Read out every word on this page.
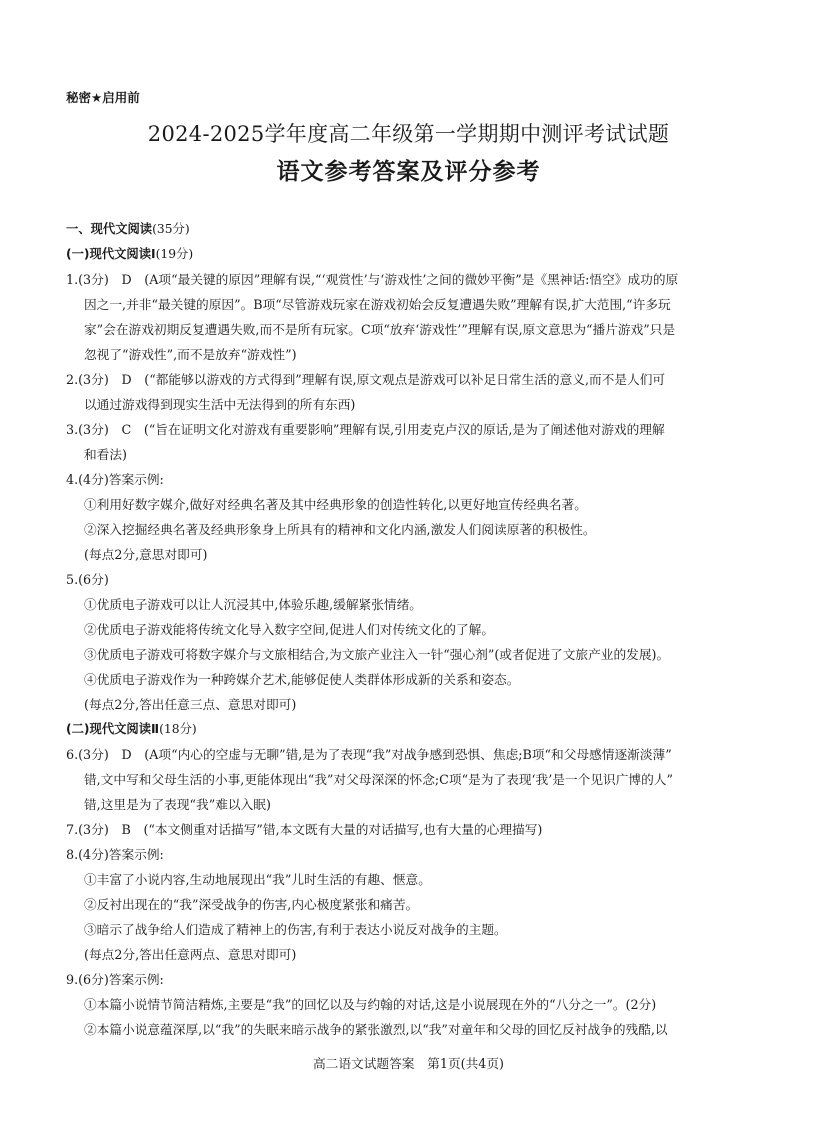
秘密★启用前
2024-2025学年度高二年级第一学期期中测评考试试题
语文参考答案及评分参考
一、现代文阅读(35分)
(一)现代文阅读Ⅰ(19分)
1.(3分)　D　(A项“最关键的原因”理解有误,“‘观赏性’与‘游戏性’之间的微妙平衡”是《黑神话:悟空》成功的原
因之一,并非“最关键的原因”。B项“尽管游戏玩家在游戏初始会反复遭遇失败”理解有误,扩大范围,“许多玩
家”会在游戏初期反复遭遇失败,而不是所有玩家。C项“放弃‘游戏性’”理解有误,原文意思为“播片游戏”只是
忽视了“游戏性”,而不是放弃“游戏性”)
2.(3分)　D　(“都能够以游戏的方式得到”理解有误,原文观点是游戏可以补足日常生活的意义,而不是人们可
以通过游戏得到现实生活中无法得到的所有东西)
3.(3分)　C　(“旨在证明文化对游戏有重要影响”理解有误,引用麦克卢汉的原话,是为了阐述他对游戏的理解
和看法)
4.(4分)答案示例:
①利用好数字媒介,做好对经典名著及其中经典形象的创造性转化,以更好地宣传经典名著。
②深入挖掘经典名著及经典形象身上所具有的精神和文化内涵,激发人们阅读原著的积极性。
(每点2分,意思对即可)
5.(6分)
①优质电子游戏可以让人沉浸其中,体验乐趣,缓解紧张情绪。
②优质电子游戏能将传统文化导入数字空间,促进人们对传统文化的了解。
③优质电子游戏可将数字媒介与文旅相结合,为文旅产业注入一针“强心剂”(或者促进了文旅产业的发展)。
④优质电子游戏作为一种跨媒介艺术,能够促使人类群体形成新的关系和姿态。
(每点2分,答出任意三点、意思对即可)
(二)现代文阅读Ⅱ(18分)
6.(3分)　D　(A项“内心的空虚与无聊”错,是为了表现“我”对战争感到恐惧、焦虑;B项“和父母感情逐渐淡薄”
错,文中写和父母生活的小事,更能体现出“我”对父母深深的怀念;C项“是为了表现‘我’是一个见识广博的人”
错,这里是为了表现“我”难以入眠)
7.(3分)　B　(“本文侧重对话描写”错,本文既有大量的对话描写,也有大量的心理描写)
8.(4分)答案示例:
①丰富了小说内容,生动地展现出“我”儿时生活的有趣、惬意。
②反衬出现在的“我”深受战争的伤害,内心极度紧张和痛苦。
③暗示了战争给人们造成了精神上的伤害,有利于表达小说反对战争的主题。
(每点2分,答出任意两点、意思对即可)
9.(6分)答案示例:
①本篇小说情节简洁精炼,主要是“我”的回忆以及与约翰的对话,这是小说展现在外的“八分之一”。(2分)
②本篇小说意蕴深厚,以“我”的失眠来暗示战争的紧张激烈,以“我”对童年和父母的回忆反衬战争的残酷,以
高二语文试题答案　第1页(共4页)
